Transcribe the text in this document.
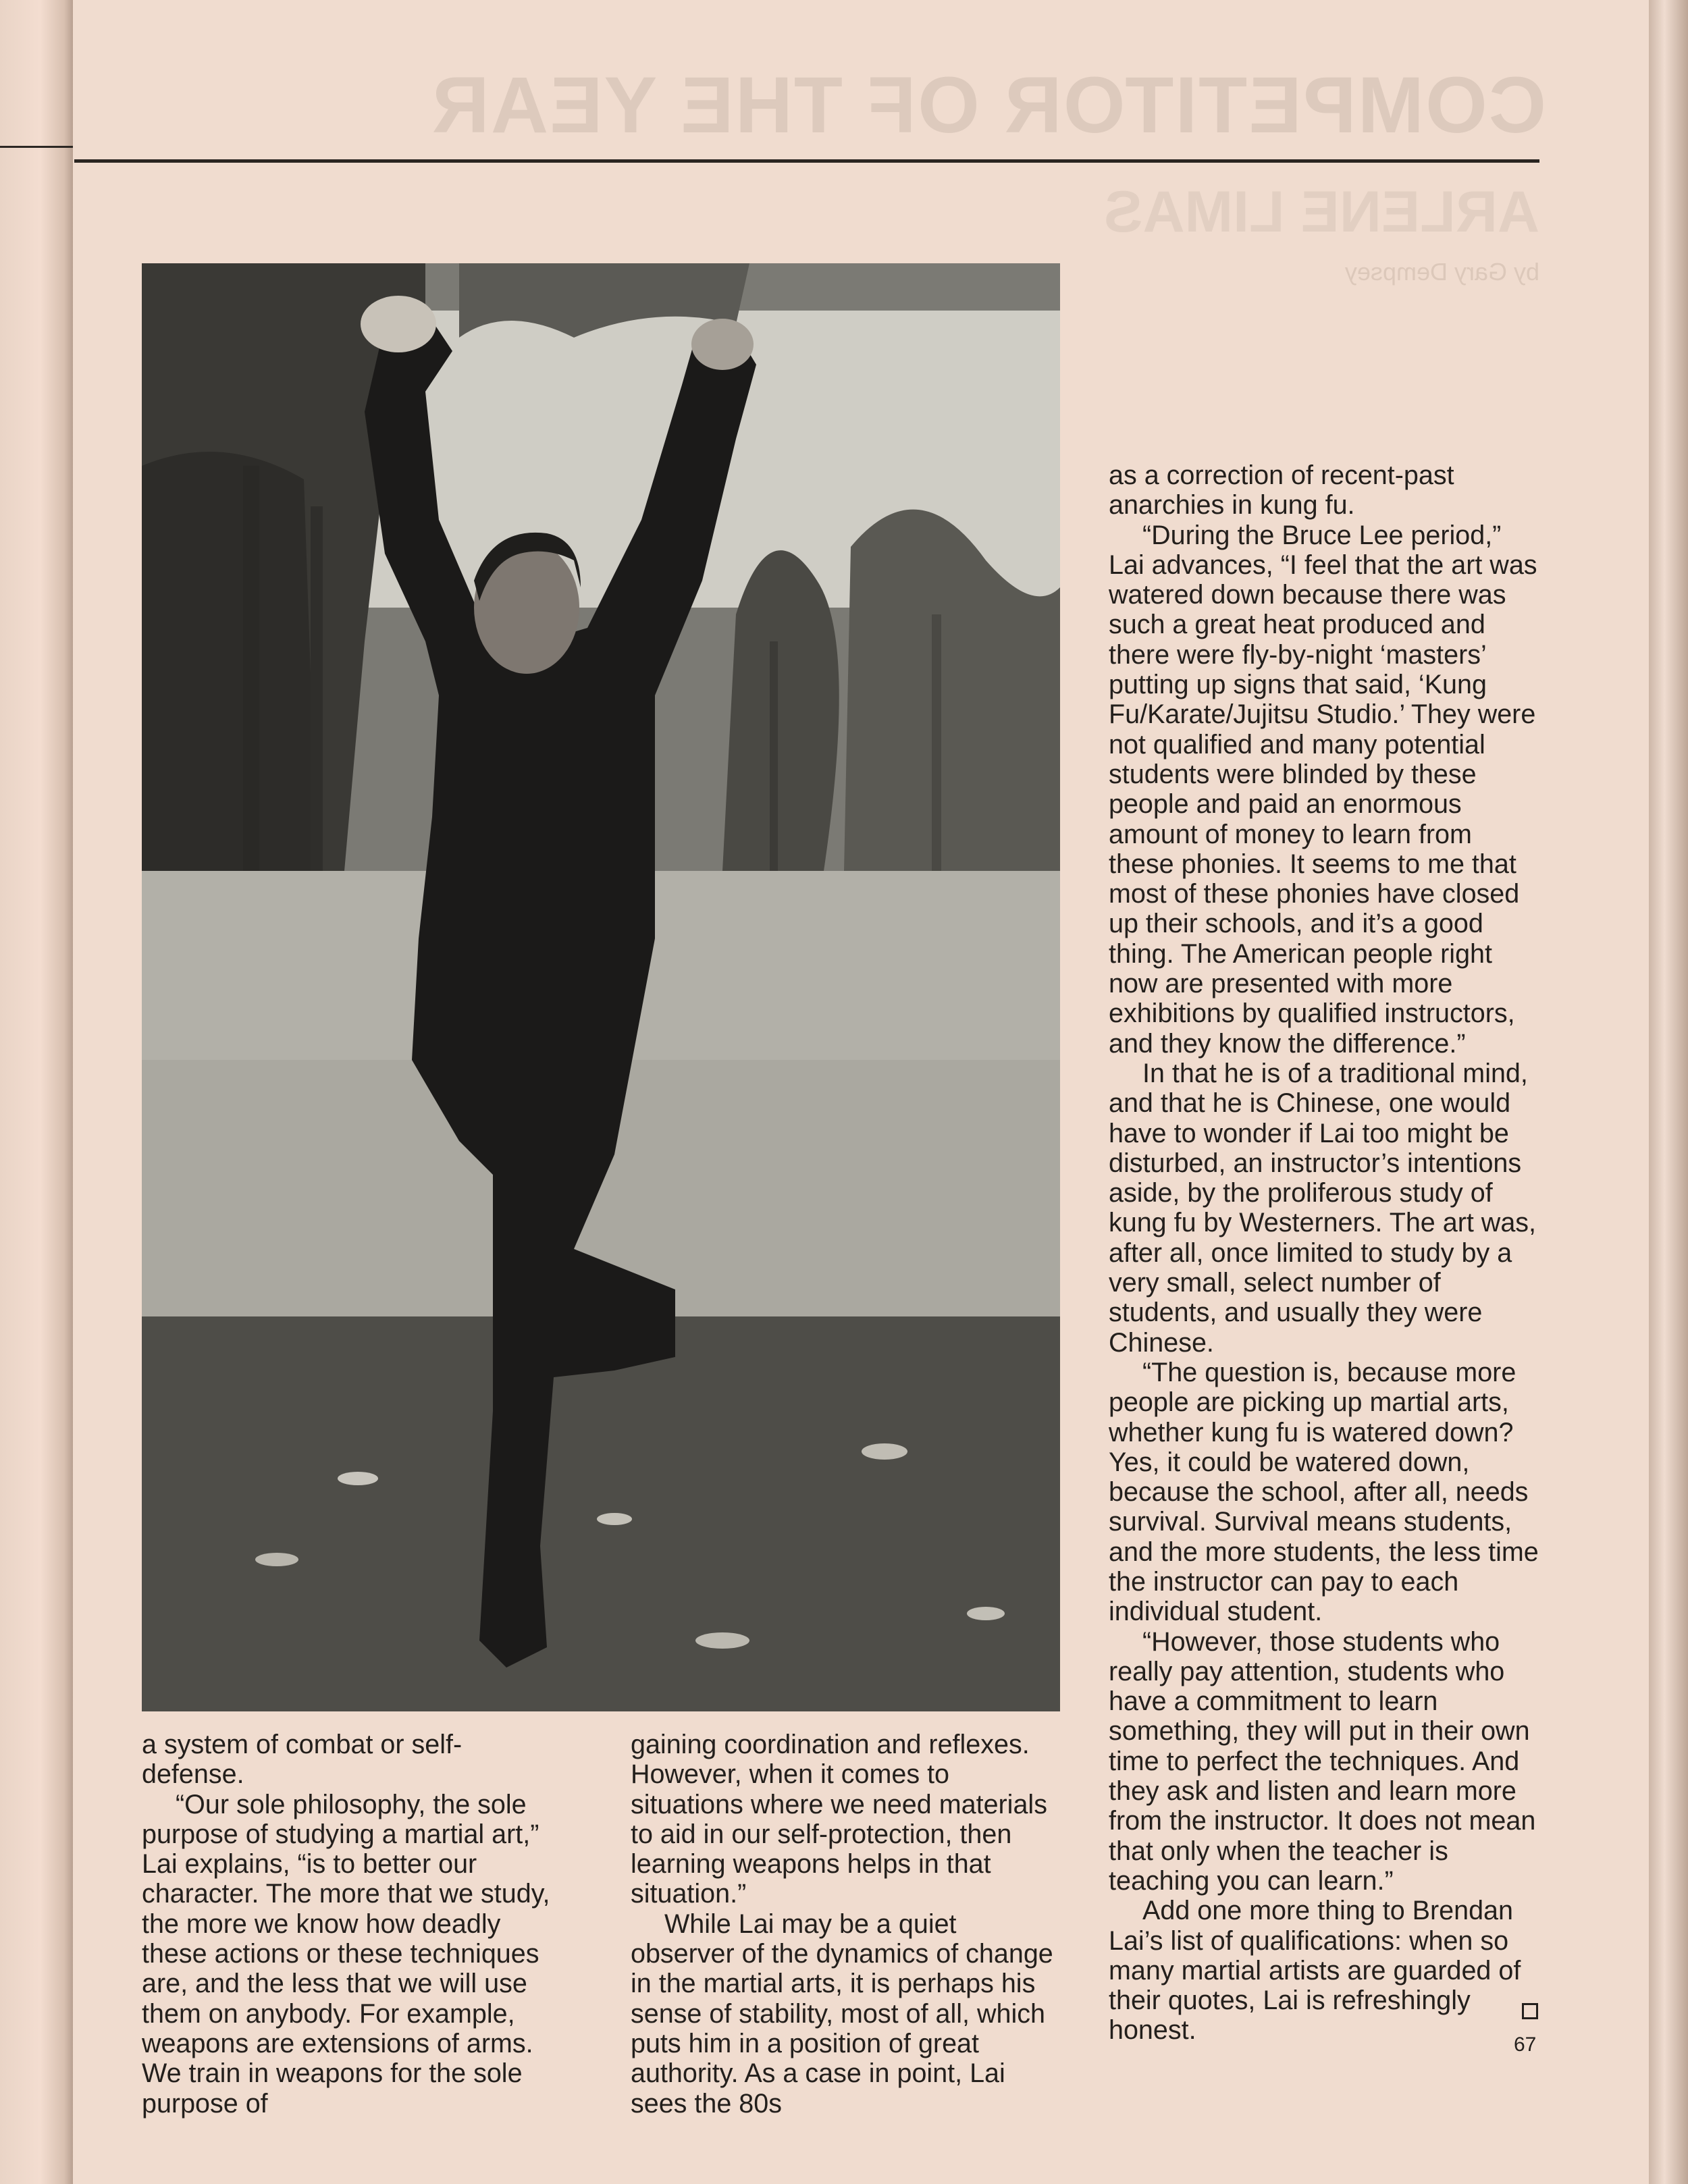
COMPETITOR OF THE YEAR
ARLENE LIMAS
by Gary Dempsey

a system of combat or self-defense.

“Our sole philosophy, the sole purpose of studying a martial art,” Lai explains, “is to better our character. The more that we study, the more we know how deadly these actions or these techniques are, and the less that we will use them on anybody. For example, weapons are extensions of arms. We train in weapons for the sole purpose of

gaining coordination and reflexes. However, when it comes to situations where we need materials to aid in our self-protection, then learning weapons helps in that situation.”

While Lai may be a quiet observer of the dynamics of change in the martial arts, it is perhaps his sense of stability, most of all, which puts him in a position of great authority. As a case in point, Lai sees the 80s

as a correction of recent-past anarchies in kung fu.

“During the Bruce Lee period,” Lai advances, “I feel that the art was watered down because there was such a great heat produced and there were fly-by-night ‘masters’ putting up signs that said, ‘Kung Fu/Karate/Jujitsu Studio.’ They were not qualified and many potential students were blinded by these people and paid an enormous amount of money to learn from these phonies. It seems to me that most of these phonies have closed up their schools, and it’s a good thing. The American people right now are presented with more exhibitions by qualified instructors, and they know the difference.”

In that he is of a traditional mind, and that he is Chinese, one would have to wonder if Lai too might be disturbed, an instructor’s intentions aside, by the proliferous study of kung fu by Westerners. The art was, after all, once limited to study by a very small, select number of students, and usually they were Chinese.

“The question is, because more people are picking up martial arts, whether kung fu is watered down? Yes, it could be watered down, because the school, after all, needs survival. Survival means students, and the more students, the less time the instructor can pay to each individual student.

“However, those students who really pay attention, students who have a commitment to learn something, they will put in their own time to perfect the techniques. And they ask and listen and learn more from the instructor. It does not mean that only when the teacher is teaching you can learn.”

Add one more thing to Brendan Lai’s list of qualifications: when so many martial artists are guarded of their quotes, Lai is refreshingly honest.	67
